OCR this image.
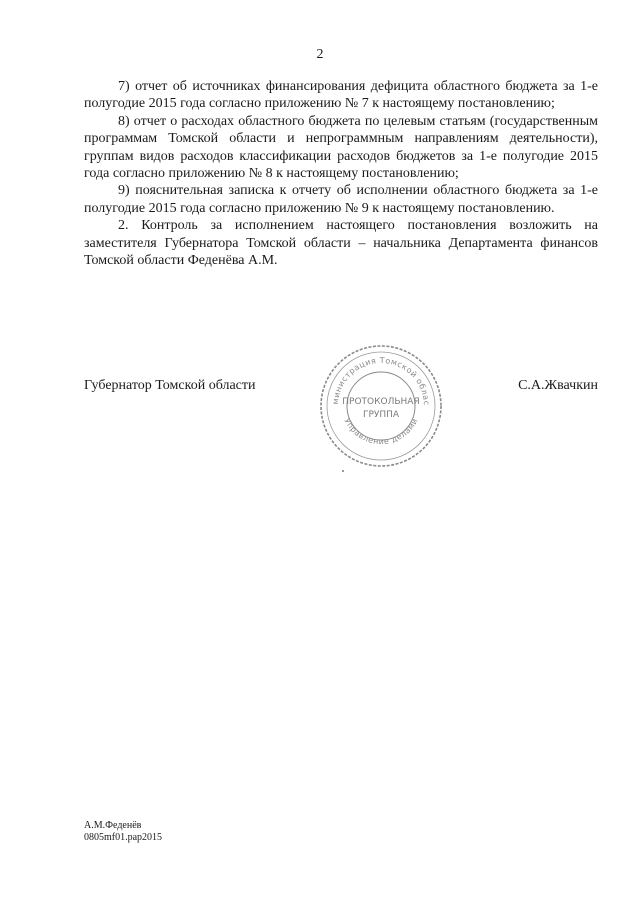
2

7) отчет об источниках финансирования дефицита областного бюджета за 1-е полугодие 2015 года согласно приложению № 7 к настоящему постановлению;

8) отчет о расходах областного бюджета по целевым статьям (государственным программам Томской области и непрограммным направлениям деятельности), группам видов расходов классификации расходов бюджетов за 1-е полугодие 2015 года согласно приложению № 8 к настоящему постановлению;

9) пояснительная записка к отчету об исполнении областного бюджета за 1-е полугодие 2015 года согласно приложению № 9 к настоящему постановлению.

2. Контроль за исполнением настоящего постановления возложить на заместителя Губернатора Томской области – начальника Департамента финансов Томской области Федeнёва А.М.

Губернатор Томской области	С.А.Жвачкин
министрация Томской облас
Управление делами
ПРОТОКОЛЬНАЯ
ГРУППА
А.М.Феденёв
0805mf01.pap2015
